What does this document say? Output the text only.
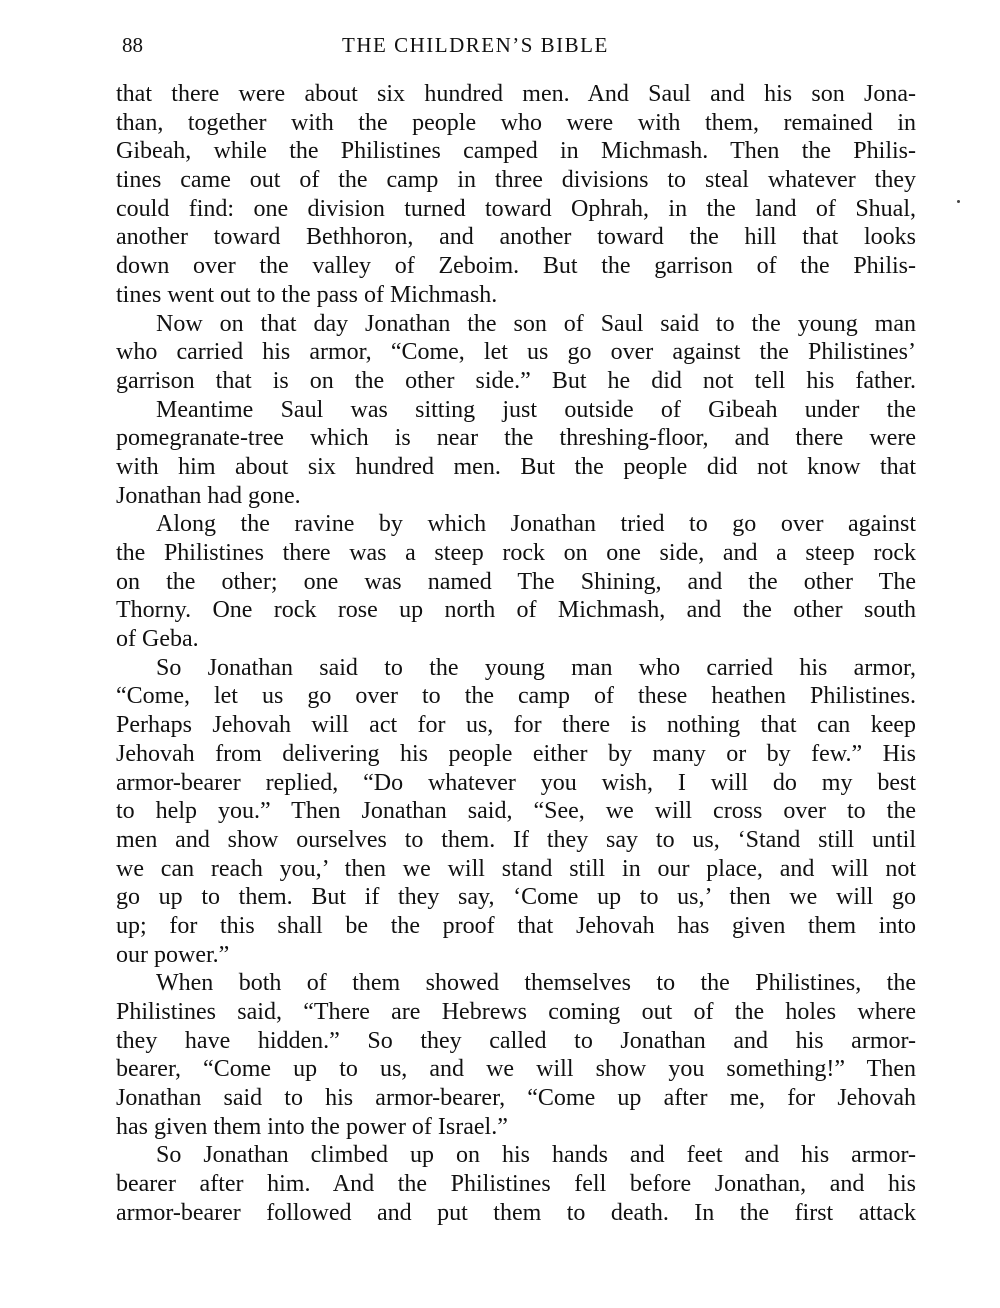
88	THE CHILDREN’S BIBLE
that there were about six hundred men. And Saul and his son Jona-
than, together with the people who were with them, remained in
Gibeah, while the Philistines camped in Michmash. Then the Philis-
tines came out of the camp in three divisions to steal whatever they
could find: one division turned toward Ophrah, in the land of Shual,
another toward Bethhoron, and another toward the hill that looks
down over the valley of Zeboim. But the garrison of the Philis-
tines went out to the pass of Michmash.
Now on that day Jonathan the son of Saul said to the young man
who carried his armor, “Come, let us go over against the Philistines’
garrison that is on the other side.” But he did not tell his father.
Meantime Saul was sitting just outside of Gibeah under the
pomegranate-tree which is near the threshing-floor, and there were
with him about six hundred men. But the people did not know that
Jonathan had gone.
Along the ravine by which Jonathan tried to go over against
the Philistines there was a steep rock on one side, and a steep rock
on the other; one was named The Shining, and the other The
Thorny. One rock rose up north of Michmash, and the other south
of Geba.
So Jonathan said to the young man who carried his armor,
“Come, let us go over to the camp of these heathen Philistines.
Perhaps Jehovah will act for us, for there is nothing that can keep
Jehovah from delivering his people either by many or by few.” His
armor-bearer replied, “Do whatever you wish, I will do my best
to help you.” Then Jonathan said, “See, we will cross over to the
men and show ourselves to them. If they say to us, ‘Stand still until
we can reach you,’ then we will stand still in our place, and will not
go up to them. But if they say, ‘Come up to us,’ then we will go
up; for this shall be the proof that Jehovah has given them into
our power.”
When both of them showed themselves to the Philistines, the
Philistines said, “There are Hebrews coming out of the holes where
they have hidden.” So they called to Jonathan and his armor-
bearer, “Come up to us, and we will show you something!” Then
Jonathan said to his armor-bearer, “Come up after me, for Jehovah
has given them into the power of Israel.”
So Jonathan climbed up on his hands and feet and his armor-
bearer after him. And the Philistines fell before Jonathan, and his
armor-bearer followed and put them to death. In the first attack
